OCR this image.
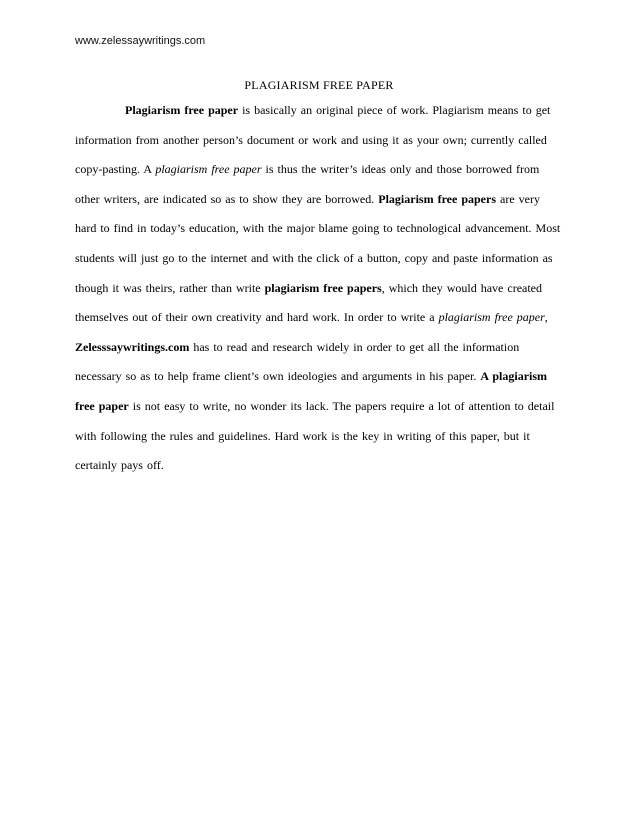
www.zelessaywritings.com
PLAGIARISM FREE PAPER

Plagiarism free paper is basically an original piece of work. Plagiarism means to get information from another person’s document or work and using it as your own; currently called copy-pasting. A plagiarism free paper is thus the writer’s ideas only and those borrowed from other writers, are indicated so as to show they are borrowed. Plagiarism free papers are very hard to find in today’s education, with the major blame going to technological advancement. Most students will just go to the internet and with the click of a button, copy and paste information as though it was theirs, rather than write plagiarism free papers, which they would have created themselves out of their own creativity and hard work. In order to write a plagiarism free paper, Zelesssaywritings.com has to read and research widely in order to get all the information necessary so as to help frame client’s own ideologies and arguments in his paper. A plagiarism free paper is not easy to write, no wonder its lack. The papers require a lot of attention to detail with following the rules and guidelines. Hard work is the key in writing of this paper, but it certainly pays off.
